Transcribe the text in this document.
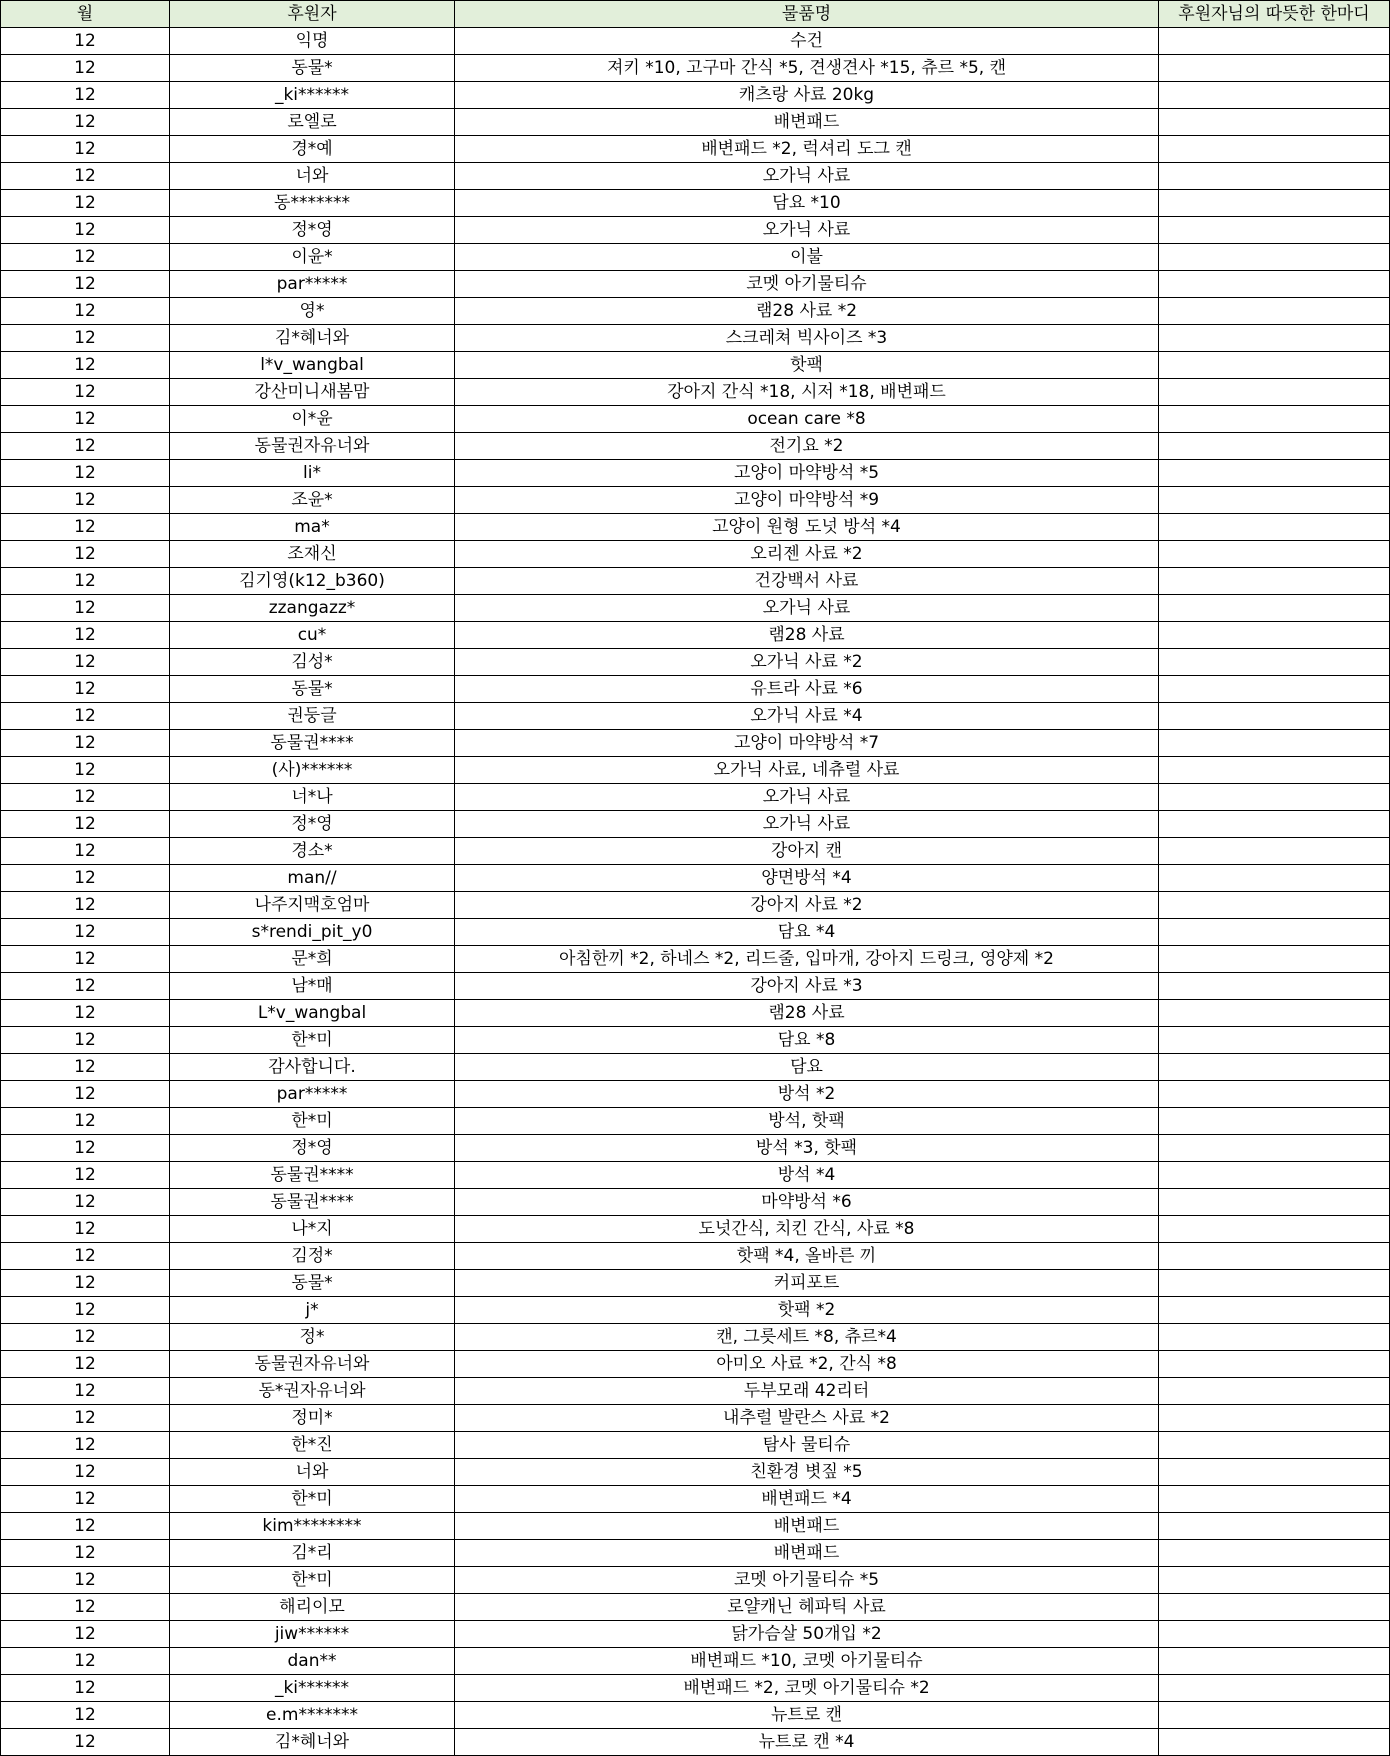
월	후원자	물품명	후원자님의 따뜻한 한마디
12	익명	수건	
12	동물*	져키 *10, 고구마 간식 *5, 견생견사 *15, 츄르 *5, 캔	
12	_ki******	캐츠랑 사료 20kg	
12	로엘로	배변패드	
12	경*예	배변패드 *2, 럭셔리 도그 캔	
12	너와	오가닉 사료	
12	동*******	담요 *10	
12	정*영	오가닉 사료	
12	이윤*	이불	
12	par*****	코멧 아기물티슈	
12	영*	램28 사료 *2	
12	김*혜너와	스크레쳐 빅사이즈 *3	
12	l*v_wangbal	핫팩	
12	강산미니새봄맘	강아지 간식 *18, 시저 *18, 배변패드	
12	이*윤	ocean care *8	
12	동물권자유너와	전기요 *2	
12	li*	고양이 마약방석 *5	
12	조윤*	고양이 마약방석 *9	
12	ma*	고양이 원형 도넛 방석 *4	
12	조재신	오리젠 사료 *2	
12	김기영(k12_b360)	건강백서 사료	
12	zzangazz*	오가닉 사료	
12	cu*	램28 사료	
12	김성*	오가닉 사료 *2	
12	동물*	유트라 사료 *6	
12	권둥글	오가닉 사료 *4	
12	동물권****	고양이 마약방석 *7	
12	(사)******	오가닉 사료, 네츄럴 사료	
12	너*나	오가닉 사료	
12	정*영	오가닉 사료	
12	경소*	강아지 캔	
12	man//	양면방석 *4	
12	나주지맥호엄마	강아지 사료 *2	
12	s*rendi_pit_y0	담요 *4	
12	문*희	아침한끼 *2, 하네스 *2, 리드줄, 입마개, 강아지 드링크, 영양제 *2	
12	남*매	강아지 사료 *3	
12	L*v_wangbal	램28 사료	
12	한*미	담요 *8	
12	감사합니다.	담요	
12	par*****	방석 *2	
12	한*미	방석, 핫팩	
12	정*영	방석 *3, 핫팩	
12	동물권****	방석 *4	
12	동물권****	마약방석 *6	
12	나*지	도넛간식, 치킨 간식, 사료 *8	
12	김정*	핫팩 *4, 올바른 끼	
12	동물*	커피포트	
12	j*	핫팩 *2	
12	정*	캔, 그릇세트 *8, 츄르*4	
12	동물권자유너와	아미오 사료 *2, 간식 *8	
12	동*권자유너와	두부모래 42리터	
12	정미*	내추럴 발란스 사료 *2	
12	한*진	탐사 물티슈	
12	너와	친환경 볏짚 *5	
12	한*미	배변패드 *4	
12	kim********	배변패드	
12	김*리	배변패드	
12	한*미	코멧 아기물티슈 *5	
12	해리이모	로얄캐닌 헤파틱 사료	
12	jiw******	닭가슴살 50개입 *2	
12	dan**	배변패드 *10, 코멧 아기물티슈	
12	_ki******	배변패드 *2, 코멧 아기물티슈 *2	
12	e.m*******	뉴트로 캔	
12	김*혜너와	뉴트로 캔 *4	
